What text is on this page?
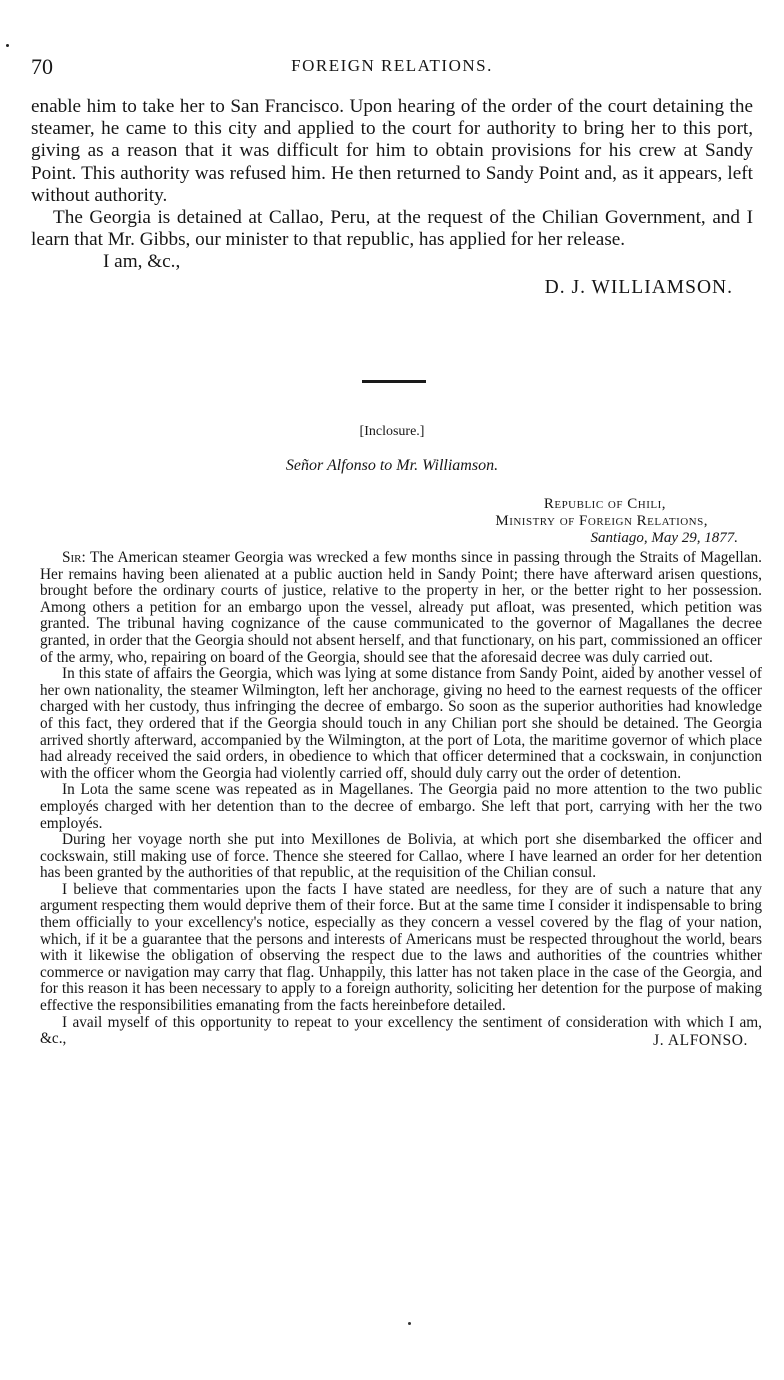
70	FOREIGN RELATIONS.

enable him to take her to San Francisco. Upon hearing of the order of the court detaining the steamer, he came to this city and applied to the court for authority to bring her to this port, giving as a reason that it was difficult for him to obtain provisions for his crew at Sandy Point. This authority was refused him. He then returned to Sandy Point and, as it appears, left without authority.

The Georgia is detained at Callao, Peru, at the request of the Chilian Government, and I learn that Mr. Gibbs, our minister to that republic, has applied for her release.

I am, &c.,
D. J. WILLIAMSON.
[Inclosure.]
Señor Alfonso to Mr. Williamson.
Republic of Chili,
Ministry of Foreign Relations,
Santiago, May 29, 1877.

Sir: The American steamer Georgia was wrecked a few months since in passing through the Straits of Magellan. Her remains having been alienated at a public auction held in Sandy Point; there have afterward arisen questions, brought before the ordinary courts of justice, relative to the property in her, or the better right to her possession. Among others a petition for an embargo upon the vessel, already put afloat, was presented, which petition was granted. The tribunal having cognizance of the cause communicated to the governor of Magallanes the decree granted, in order that the Georgia should not absent herself, and that functionary, on his part, commissioned an officer of the army, who, repairing on board of the Georgia, should see that the aforesaid decree was duly carried out.

In this state of affairs the Georgia, which was lying at some distance from Sandy Point, aided by another vessel of her own nationality, the steamer Wilmington, left her anchorage, giving no heed to the earnest requests of the officer charged with her custody, thus infringing the decree of embargo. So soon as the superior authorities had knowledge of this fact, they ordered that if the Georgia should touch in any Chilian port she should be detained. The Georgia arrived shortly afterward, accompanied by the Wilmington, at the port of Lota, the maritime governor of which place had already received the said orders, in obedience to which that officer determined that a cockswain, in conjunction with the officer whom the Georgia had violently carried off, should duly carry out the order of detention.

In Lota the same scene was repeated as in Magellanes. The Georgia paid no more attention to the two public employés charged with her detention than to the decree of embargo. She left that port, carrying with her the two employés.

During her voyage north she put into Mexillones de Bolivia, at which port she disembarked the officer and cockswain, still making use of force. Thence she steered for Callao, where I have learned an order for her detention has been granted by the authorities of that republic, at the requisition of the Chilian consul.

I believe that commentaries upon the facts I have stated are needless, for they are of such a nature that any argument respecting them would deprive them of their force. But at the same time I consider it indispensable to bring them officially to your excellency's notice, especially as they concern a vessel covered by the flag of your nation, which, if it be a guarantee that the persons and interests of Americans must be respected throughout the world, bears with it likewise the obligation of observing the respect due to the laws and authorities of the countries whither commerce or navigation may carry that flag. Unhappily, this latter has not taken place in the case of the Georgia, and for this reason it has been necessary to apply to a foreign authority, soliciting her detention for the purpose of making effective the responsibilities emanating from the facts hereinbefore detailed.

I avail myself of this opportunity to repeat to your excellency the sentiment of consideration with which I am, &c.,	J. ALFONSO.
